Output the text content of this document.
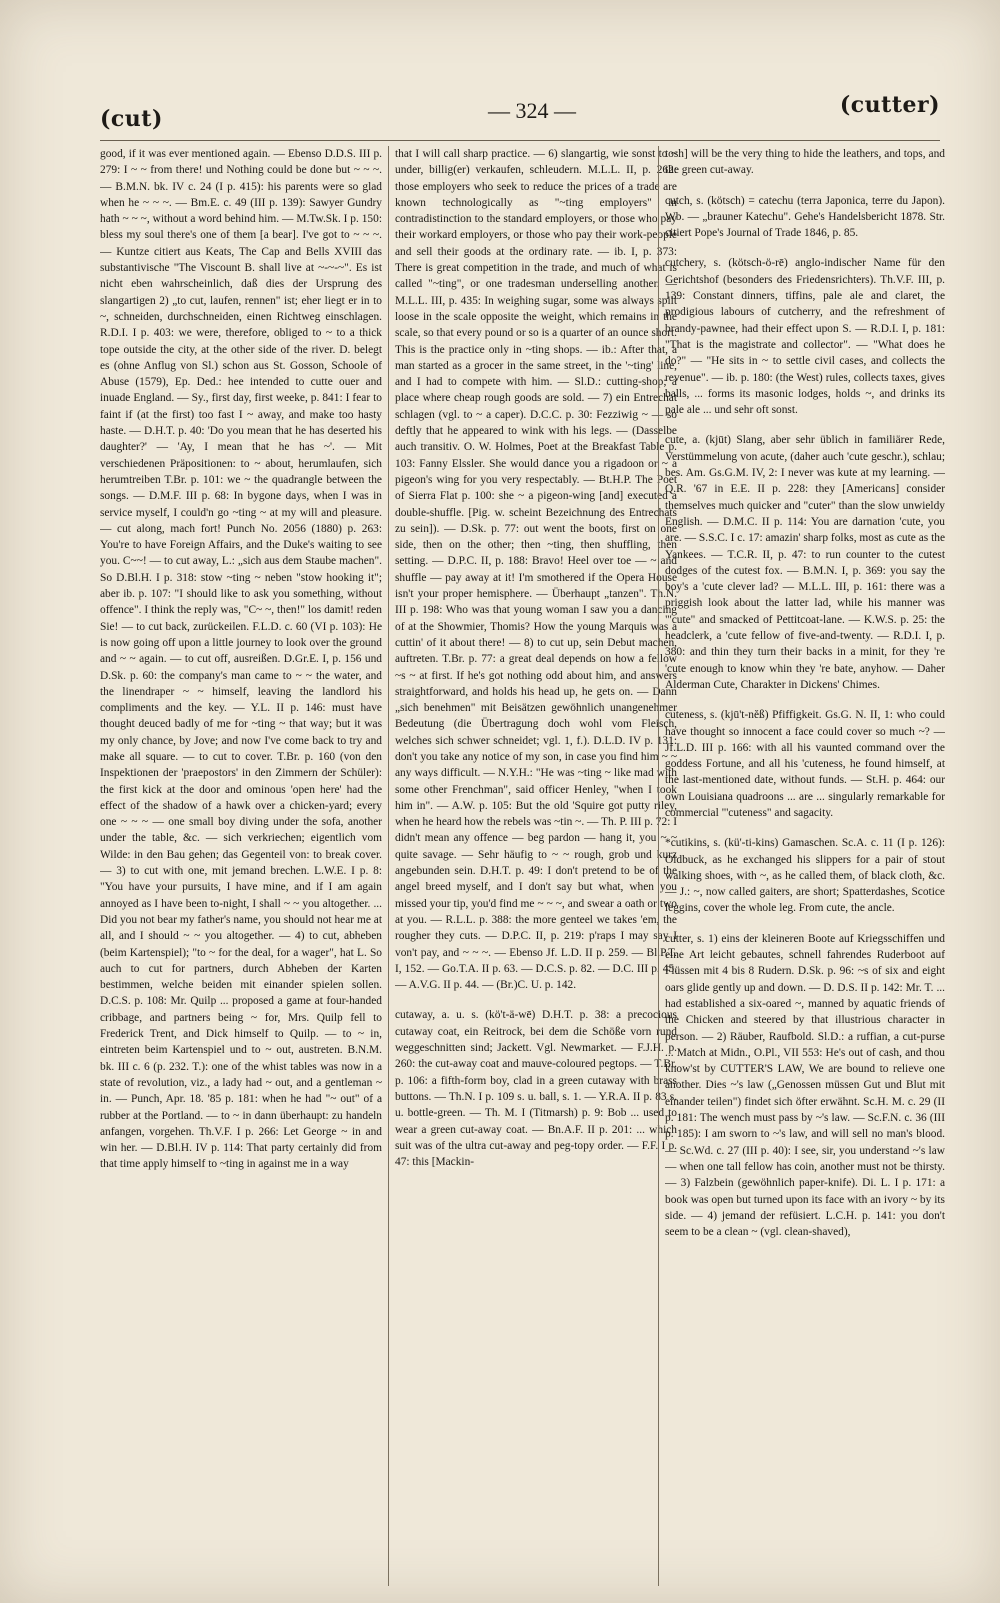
(cut)	— 324 —	(cutter)

good, if it was ever mentioned again. — Ebenso D.D.S. III p. 279: I ~ ~ from there! und Nothing could be done but ~ ~ ~. — B.M.N. bk. IV c. 24 (I p. 415): his parents were so glad when he ~ ~ ~. — Bm.E. c. 49 (III p. 139): Sawyer Gundry hath ~ ~ ~, without a word behind him. — M.Tw.Sk. I p. 150: bless my soul there's one of them [a bear]. I've got to ~ ~ ~. — Kuntze citiert aus Keats, The Cap and Bells XVIII das substantivische "The Viscount B. shall live at ~-~-~". Es ist nicht eben wahrscheinlich, daß dies der Ursprung des slangartigen 2) „to cut, laufen, rennen" ist; eher liegt er in to ~, schneiden, durchschneiden, einen Richtweg einschlagen. R.D.I. I p. 403: we were, therefore, obliged to ~ to a thick tope outside the city, at the other side of the river. D. belegt es (ohne Anflug von Sl.) schon aus St. Gosson, Schoole of Abuse (1579), Ep. Ded.: hee intended to cutte ouer and inuade England. — Sy., first day, first weeke, p. 841: I fear to faint if (at the first) too fast I ~ away, and make too hasty haste. — D.H.T. p. 40: 'Do you mean that he has deserted his daughter?' — 'Ay, I mean that he has ~'. — Mit verschiedenen Präpositionen: to ~ about, herumlaufen, sich herumtreiben T.Br. p. 101: we ~ the quadrangle between the songs. — D.M.F. III p. 68: In bygone days, when I was in service myself, I could'n go ~ting ~ at my will and pleasure. — cut along, mach fort! Punch No. 2056 (1880) p. 263: You're to have Foreign Affairs, and the Duke's waiting to see you. C~~! — to cut away, L.: „sich aus dem Staube machen". So D.Bl.H. I p. 318: stow ~ting ~ neben "stow hooking it"; aber ib. p. 107: "I should like to ask you something, without offence". I think the reply was, "C~ ~, then!" los damit! reden Sie! — to cut back, zurückeilen. F.L.D. c. 60 (VI p. 103): He is now going off upon a little journey to look over the ground and ~ ~ again. — to cut off, ausreißen. D.Gr.E. I, p. 156 und D.Sk. p. 60: the company's man came to ~ ~ the water, and the linendraper ~ ~ himself, leaving the landlord his compliments and the key. — Y.L. II p. 146: must have thought deuced badly of me for ~ting ~ that way; but it was my only chance, by Jove; and now I've come back to try and make all square. — to cut to cover. T.Br. p. 160 (von den Inspektionen der 'praepostors' in den Zimmern der Schüler): the first kick at the door and ominous 'open here' had the effect of the shadow of a hawk over a chicken-yard; every one ~ ~ ~ — one small boy diving under the sofa, another under the table, &c. — sich verkriechen; eigentlich vom Wilde: in den Bau gehen; das Gegenteil von: to break cover. — 3) to cut with one, mit jemand brechen. L.W.E. I p. 8: "You have your pursuits, I have mine, and if I am again annoyed as I have been to-night, I shall ~ ~ you altogether. ... Did you not bear my father's name, you should not hear me at all, and I should ~ ~ you altogether. — 4) to cut, abheben (beim Kartenspiel); "to ~ for the deal, for a wager", hat L. So auch to cut for partners, durch Abheben der Karten bestimmen, welche beiden mit einander spielen sollen. D.C.S. p. 108: Mr. Quilp ... proposed a game at four-handed cribbage, and partners being ~ for, Mrs. Quilp fell to Frederick Trent, and Dick himself to Quilp. — to ~ in, eintreten beim Kartenspiel und to ~ out, austreten. B.N.M. bk. III c. 6 (p. 232. T.): one of the whist tables was now in a state of revolution, viz., a lady had ~ out, and a gentleman ~ in. — Punch, Apr. 18. '85 p. 181: when he had "~ out" of a rubber at the Portland. — to ~ in dann überhaupt: zu handeln anfangen, vorgehen. Th.V.F. I p. 266: Let George ~ in and win her. — D.Bl.H. IV p. 114: That party certainly did from that time apply himself to ~ting in against me in a way

that I will call sharp practice. — 6) slangartig, wie sonst to ~ under, billig(er) verkaufen, schleudern. M.L.L. II, p. 262: those employers who seek to reduce the prices of a trade are known technologically as "~ting employers" in contradistinction to the standard employers, or those who pay their workard employers, or those who pay their work-people and sell their goods at the ordinary rate. — ib. I, p. 373: There is great competition in the trade, and much of what is called "~ting", or one tradesman underselling another. — M.L.L. III, p. 435: In weighing sugar, some was always spilt loose in the scale opposite the weight, which remains in the scale, so that every pound or so is a quarter of an ounce short. This is the practice only in ~ting shops. — ib.: After that, a man started as a grocer in the same street, in the '~ting' line, and I had to compete with him. — Sl.D.: cutting-shop; a place where cheap rough goods are sold. — 7) ein Entrechat schlagen (vgl. to ~ a caper). D.C.C. p. 30: Fezziwig ~ — so deftly that he appeared to wink with his legs. — (Dasselbe auch transitiv. O. W. Holmes, Poet at the Breakfast Table p. 103: Fanny Elssler. She would dance you a rigadoon or ~ a pigeon's wing for you very respectably. — Bt.H.P. The Poet of Sierra Flat p. 100: she ~ a pigeon-wing [and] executed a double-shuffle. [Pig. w. scheint Bezeichnung des Entrechats zu sein]). — D.Sk. p. 77: out went the boots, first on one side, then on the other; then ~ting, then shuffling, then setting. — D.P.C. II, p. 188: Bravo! Heel over toe — ~ and shuffle — pay away at it! I'm smothered if the Opera House isn't your proper hemisphere. — Überhaupt „tanzen". Th.N. III p. 198: Who was that young woman I saw you a dancing of at the Showmier, Thomis? How the young Marquis was a cuttin' of it about there! — 8) to cut up, sein Debut machen, auftreten. T.Br. p. 77: a great deal depends on how a fellow ~s ~ at first. If he's got nothing odd about him, and answers straightforward, and holds his head up, he gets on. — Dann „sich benehmen" mit Beisätzen gewöhnlich unangenehmer Bedeutung (die Übertragung doch wohl vom Fleisch, welches sich schwer schneidet; vgl. 1, f.). D.L.D. IV p. 131: don't you take any notice of my son, in case you find him ~ ~ any ways difficult. — N.Y.H.: "He was ~ting ~ like mad with some other Frenchman", said officer Henley, "when I took him in". — A.W. p. 105: But the old 'Squire got putty riley, when he heard how the rebels was ~tin ~. — Th. P. III p. 72: I didn't mean any offence — beg pardon — hang it, you ~ ~ quite savage. — Sehr häufig to ~ ~ rough, grob und kurz angebunden sein. D.H.T. p. 49: I don't pretend to be of the angel breed myself, and I don't say but what, when you missed your tip, you'd find me ~ ~ ~, and swear a oath or two at you. — R.L.L. p. 388: the more genteel we takes 'em, the rougher they cuts. — D.P.C. II, p. 219: p'raps I may say I von't pay, and ~ ~ ~. — Ebenso Jf. L.D. II p. 259. — Bl.P.T. I, 152. — Go.T.A. II p. 63. — D.C.S. p. 82. — D.C. III p. 45. — A.V.G. II p. 44. — (Br.)C. U. p. 142.

cutaway, a. u. s. (kö't-ä-wē) D.H.T. p. 38: a precocious cutaway coat, ein Reitrock, bei dem die Schöße vorn rund weggeschnitten sind; Jackett. Vgl. Newmarket. — F.J.H. p. 260: the cut-away coat and mauve-coloured pegtops. — T.Br. p. 106: a fifth-form boy, clad in a green cutaway with brass buttons. — Th.N. I p. 109 s. u. ball, s. 1. — Y.R.A. II p. 83 s. u. bottle-green. — Th. M. I (Titmarsh) p. 9: Bob ... used to wear a green cut-away coat. — Bn.A.F. II p. 201: ... which suit was of the ultra cut-away and peg-topy order. — F.F. I p. 47: this [Mackin-

tosh] will be the very thing to hide the leathers, and tops, and the green cut-away.

cutch, s. (kötsch) = catechu (terra Japonica, terre du Japon). Wb. — „brauner Katechu". Gehe's Handelsbericht 1878. Str. citiert Pope's Journal of Trade 1846, p. 85.

cutchery, s. (kötsch-ö-rē) anglo-indischer Name für den Gerichtshof (besonders des Friedensrichters). Th.V.F. III, p. 139: Constant dinners, tiffins, pale ale and claret, the prodigious labours of cutcherry, and the refreshment of brandy-pawnee, had their effect upon S. — R.D.I. I, p. 181: "That is the magistrate and collector". — "What does he do?" — "He sits in ~ to settle civil cases, and collects the revenue". — ib. p. 180: (the West) rules, collects taxes, gives balls, ... forms its masonic lodges, holds ~, and drinks its pale ale ... und sehr oft sonst.

cute, a. (kjūt) Slang, aber sehr üblich in familiärer Rede, Verstümmelung von acute, (daher auch 'cute geschr.), schlau; bes. Am. Gs.G.M. IV, 2: I never was kute at my learning. — Q.R. '67 in E.E. II p. 228: they [Americans] consider themselves much quicker and "cuter" than the slow unwieldy English. — D.M.C. II p. 114: You are darnation 'cute, you are. — S.S.C. I c. 17: amazin' sharp folks, most as cute as the Yankees. — T.C.R. II, p. 47: to run counter to the cutest dodges of the cutest fox. — B.M.N. I, p. 369: you say the boy's a 'cute clever lad? — M.L.L. III, p. 161: there was a priggish look about the latter lad, while his manner was "'cute" and smacked of Pettitcoat-lane. — K.W.S. p. 25: the headclerk, a 'cute fellow of five-and-twenty. — R.D.I. I, p. 380: and thin they turn their backs in a minit, for they 're 'cute enough to know whin they 're bate, anyhow. — Daher Alderman Cute, Charakter in Dickens' Chimes.

cuteness, s. (kjū't-nĕß) Pfiffigkeit. Gs.G. N. II, 1: who could have thought so innocent a face could cover so much ~? — Jf.L.D. III p. 166: with all his vaunted command over the goddess Fortune, and all his 'cuteness, he found himself, at the last-mentioned date, without funds. — St.H. p. 464: our own Louisiana quadroons ... are ... singularly remarkable for commercial "'cuteness" and sagacity.

*cutikins, s. (kü'-ti-kins) Gamaschen. Sc.A. c. 11 (I p. 126): Oldbuck, as he exchanged his slippers for a pair of stout walking shoes, with ~, as he called them, of black cloth, &c. — J.: ~, now called gaiters, are short; Spatterdashes, Scotice leggins, cover the whole leg. From cute, the ancle.

cutter, s. 1) eins der kleineren Boote auf Kriegsschiffen und eine Art leicht gebautes, schnell fahrendes Ruderboot auf Flüssen mit 4 bis 8 Rudern. D.Sk. p. 96: ~s of six and eight oars glide gently up and down. — D. D.S. II p. 142: Mr. T. ... had established a six-oared ~, manned by aquatic friends of the Chicken and steered by that illustrious character in person. — 2) Räuber, Raufbold. Sl.D.: a ruffian, a cut-purse ... Match at Midn., O.Pl., VII 553: He's out of cash, and thou know'st by CUTTER'S LAW, We are bound to relieve one another. Dies ~'s law („Genossen müssen Gut und Blut mit einander teilen") findet sich öfter erwähnt. Sc.H. M. c. 29 (II p. 181: The wench must pass by ~'s law. — Sc.F.N. c. 36 (III p. 185): I am sworn to ~'s law, and will sell no man's blood. — Sc.Wd. c. 27 (III p. 40): I see, sir, you understand ~'s law — when one tall fellow has coin, another must not be thirsty. — 3) Falzbein (gewöhnlich paper-knife). Di. L. I p. 171: a book was open but turned upon its face with an ivory ~ by its side. — 4) jemand der refüsiert. L.C.H. p. 141: you don't seem to be a clean ~ (vgl. clean-shaved),
